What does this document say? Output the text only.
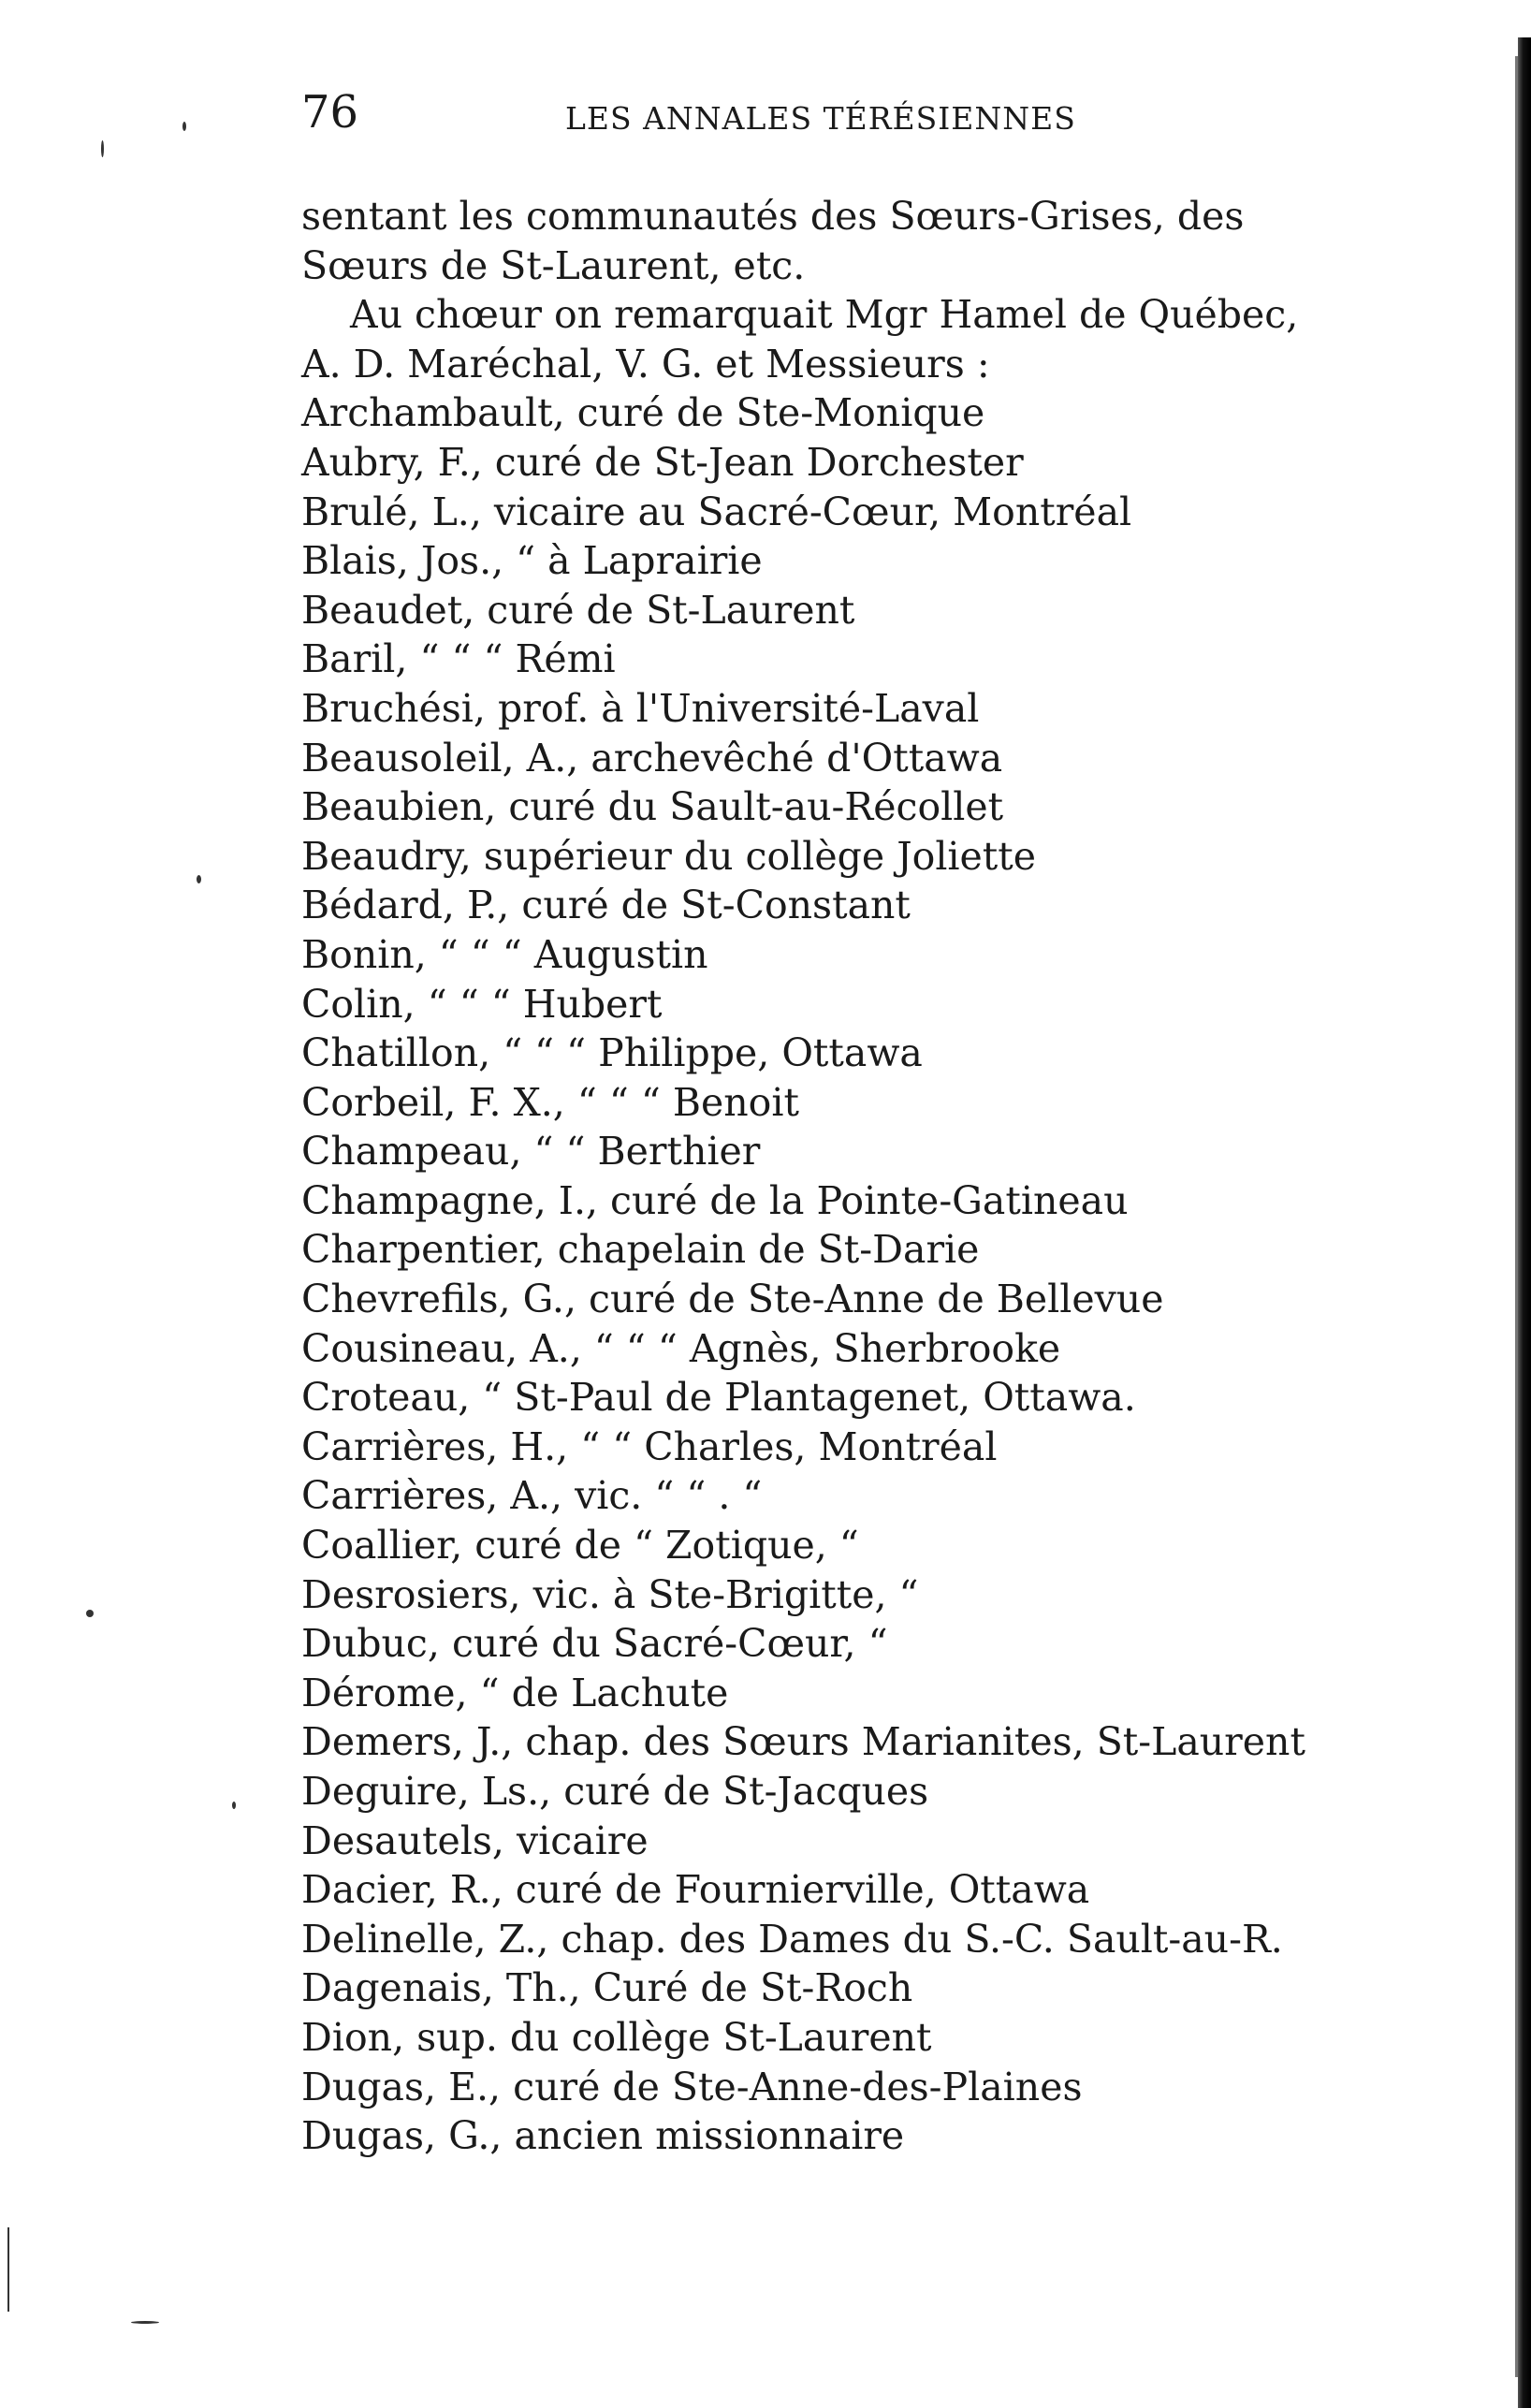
76	LES ANNALES TÉRÉSIENNES
sentant les communautés des Sœurs-Grises, des
Sœurs de St-Laurent, etc.
Au chœur on remarquait Mgr Hamel de Québec,
A. D. Maréchal, V. G. et Messieurs :
Archambault, curé de Ste-Monique
Aubry, F., curé de St-Jean Dorchester
Brulé, L., vicaire au Sacré-Cœur, Montréal
Blais, Jos., “ à Laprairie
Beaudet, curé de St-Laurent
Baril, “ “ “ Rémi
Bruchési, prof. à l'Université-Laval
Beausoleil, A., archevêché d'Ottawa
Beaubien, curé du Sault-au-Récollet
Beaudry, supérieur du collège Joliette
Bédard, P., curé de St-Constant
Bonin, “ “ “ Augustin
Colin, “ “ “ Hubert
Chatillon, “ “ “ Philippe, Ottawa
Corbeil, F. X., “ “ “ Benoit
Champeau, “ “ Berthier
Champagne, I., curé de la Pointe-Gatineau
Charpentier, chapelain de St-Darie
Chevrefils, G., curé de Ste-Anne de Bellevue
Cousineau, A., “ “ “ Agnès, Sherbrooke
Croteau, “ St-Paul de Plantagenet, Ottawa.
Carrières, H., “ “ Charles, Montréal
Carrières, A., vic. “ “ . “
Coallier, curé de “ Zotique, “
Desrosiers, vic. à Ste-Brigitte, “
Dubuc, curé du Sacré-Cœur, “
Dérome, “ de Lachute
Demers, J., chap. des Sœurs Marianites, St-Laurent
Deguire, Ls., curé de St-Jacques
Desautels, vicaire
Dacier, R., curé de Fournierville, Ottawa
Delinelle, Z., chap. des Dames du S.-C. Sault-au-R.
Dagenais, Th., Curé de St-Roch
Dion, sup. du collège St-Laurent
Dugas, E., curé de Ste-Anne-des-Plaines
Dugas, G., ancien missionnaire
